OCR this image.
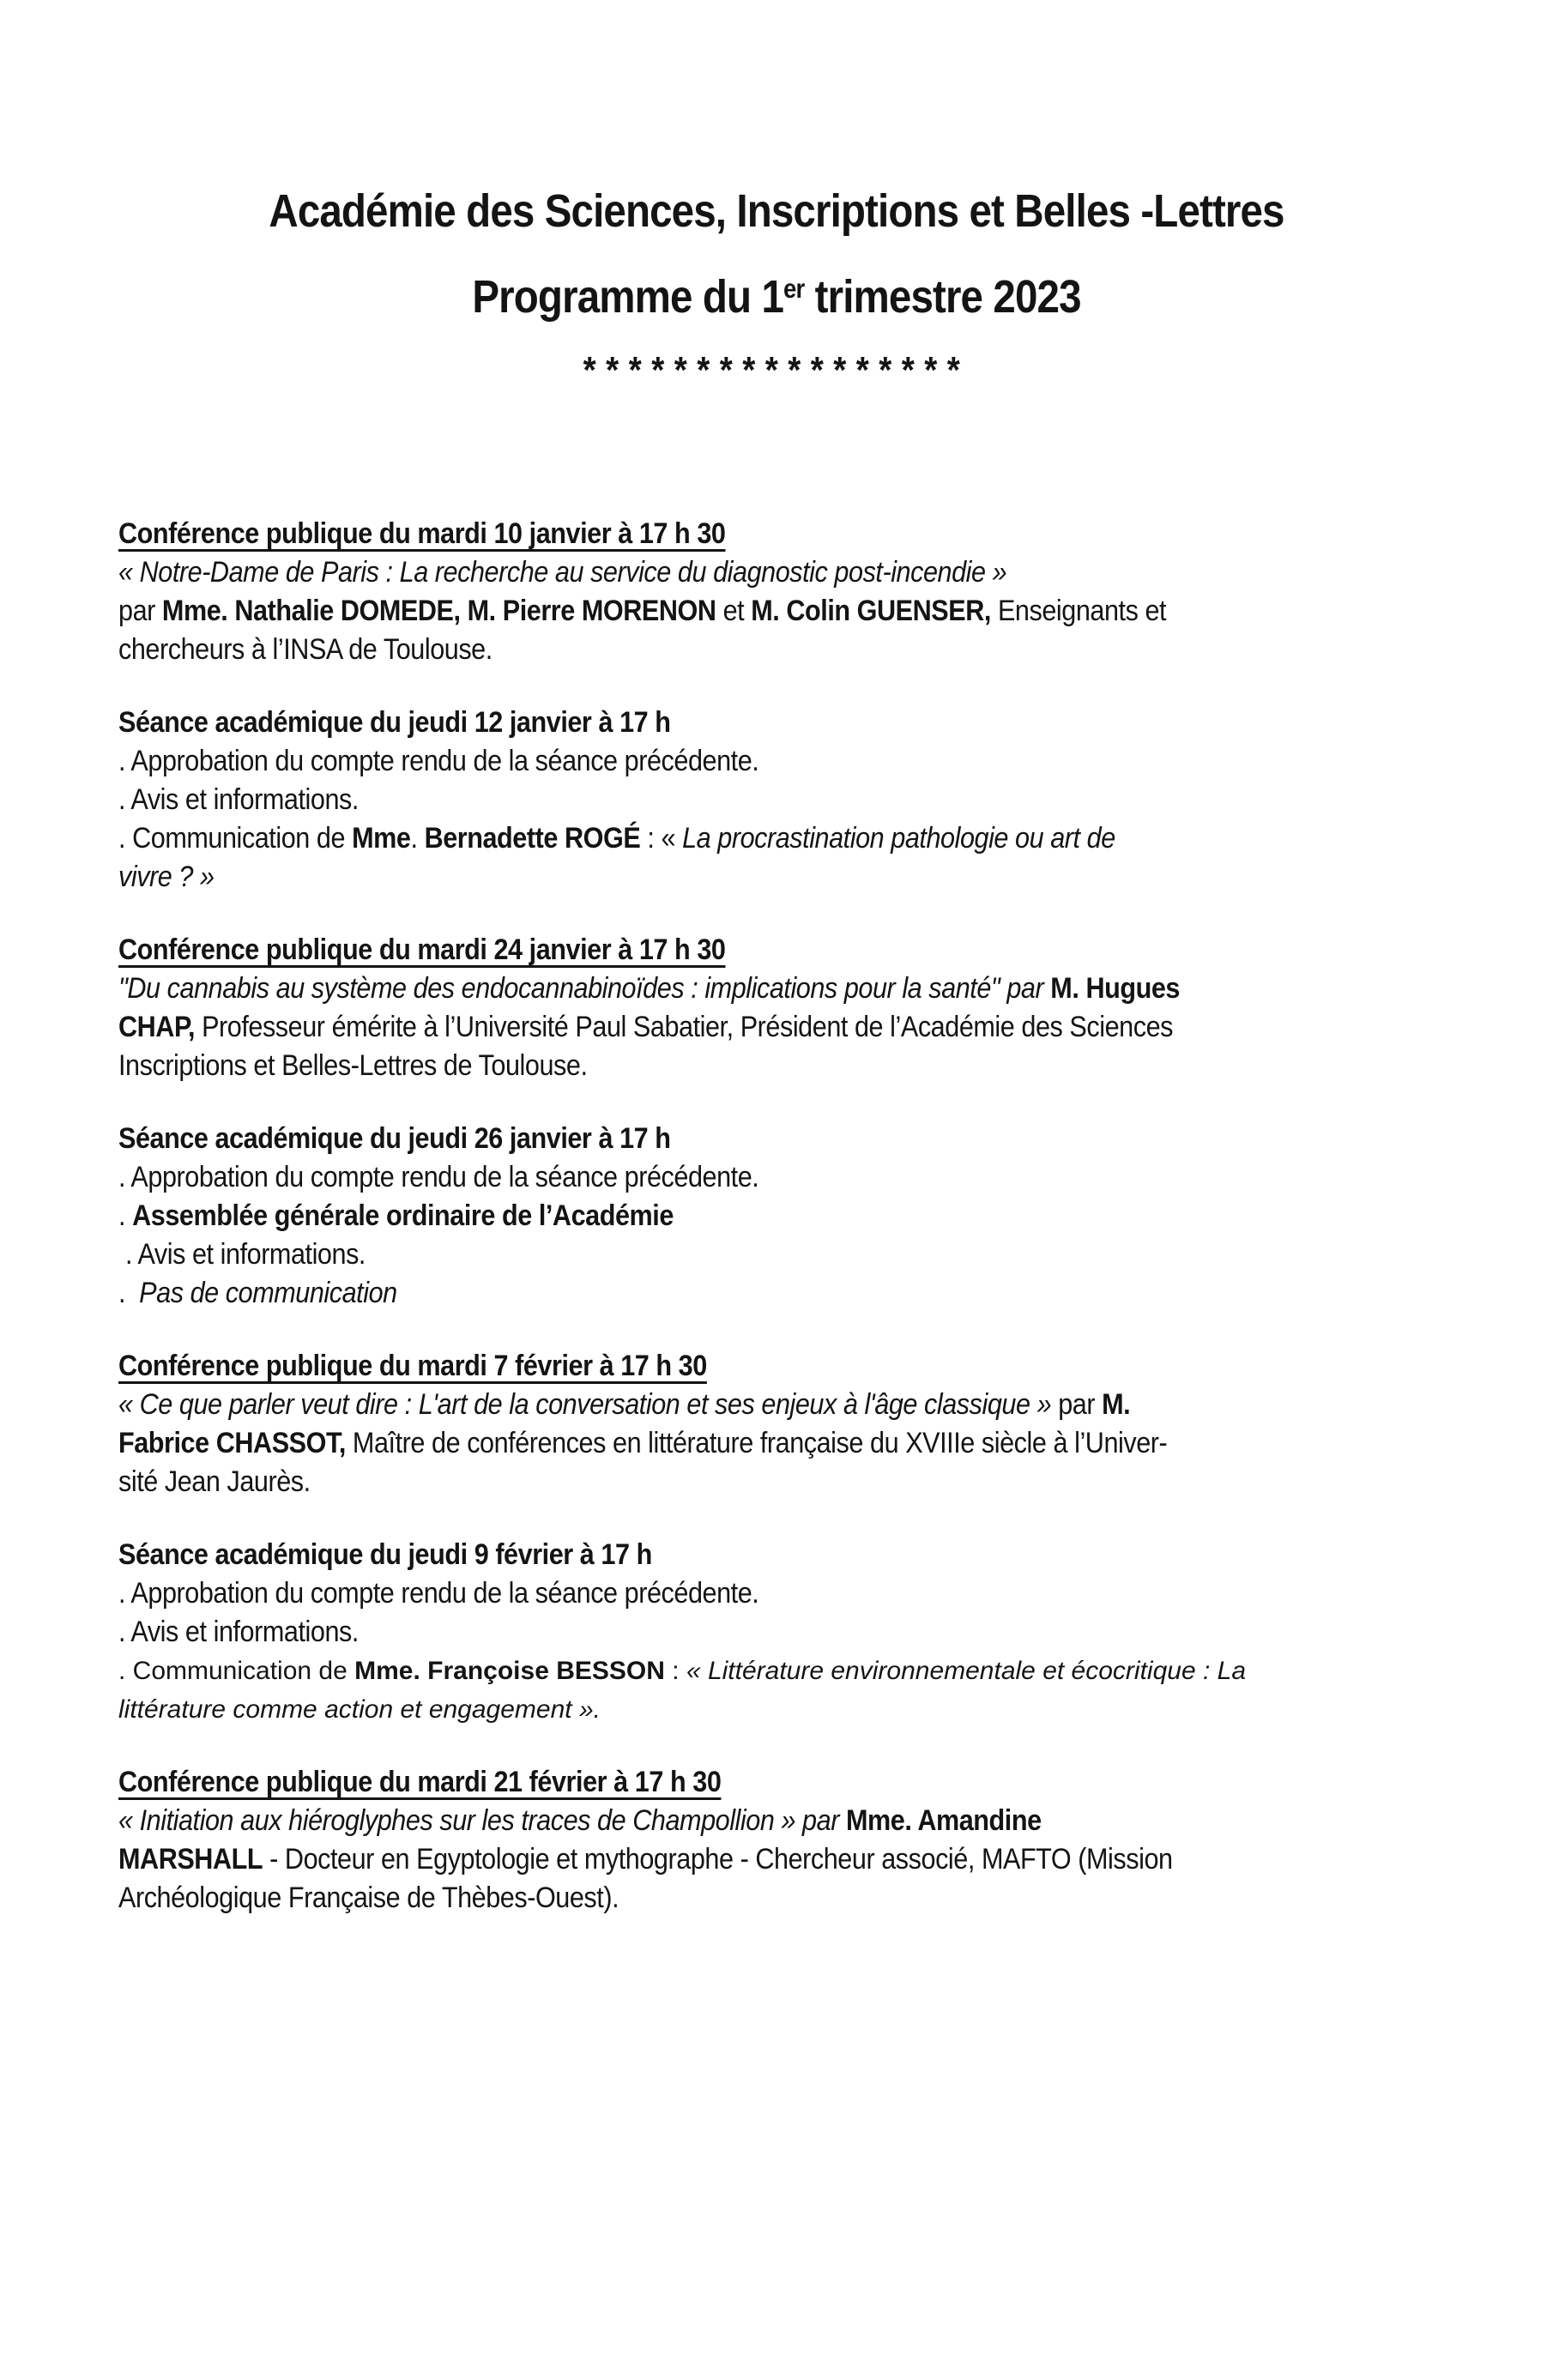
Académie des Sciences, Inscriptions et Belles -Lettres
Programme du 1er trimestre 2023
*****************
Conférence publique du mardi 10 janvier à 17 h 30

« Notre-Dame de Paris : La recherche au service du diagnostic post-incendie »
par Mme. Nathalie DOMEDE, M. Pierre MORENON et M. Colin GUENSER, Enseignants et
chercheurs à l’INSA de Toulouse.

Séance académique du jeudi 12 janvier à 17 h

. Approbation du compte rendu de la séance précédente.
. Avis et informations.
. Communication de Mme. Bernadette ROGÉ : « La procrastination pathologie ou art de
vivre ? »

Conférence publique du mardi 24 janvier à 17 h 30

"Du cannabis au système des endocannabinoïdes : implications pour la santé" par M. Hugues
CHAP, Professeur émérite à l’Université Paul Sabatier, Président de l’Académie des Sciences
Inscriptions et Belles-Lettres de Toulouse.

Séance académique du jeudi 26 janvier à 17 h

. Approbation du compte rendu de la séance précédente.
. Assemblée générale ordinaire de l’Académie
. Avis et informations.
.  Pas de communication

Conférence publique du mardi 7 février à 17 h 30

« Ce que parler veut dire : L'art de la conversation et ses enjeux à l'âge classique » par M.
Fabrice CHASSOT, Maître de conférences en littérature française du XVIIIe siècle à l’Univer-
sité Jean Jaurès.

Séance académique du jeudi 9 février à 17 h

. Approbation du compte rendu de la séance précédente.
. Avis et informations.

. Communication de Mme. Françoise BESSON : « Littérature environnementale et écocritique : La
littérature comme action et engagement ».

Conférence publique du mardi 21 février à 17 h 30

« Initiation aux hiéroglyphes sur les traces de Champollion » par Mme. Amandine
MARSHALL - Docteur en Egyptologie et mythographe - Chercheur associé, MAFTO (Mission
Archéologique Française de Thèbes-Ouest).
